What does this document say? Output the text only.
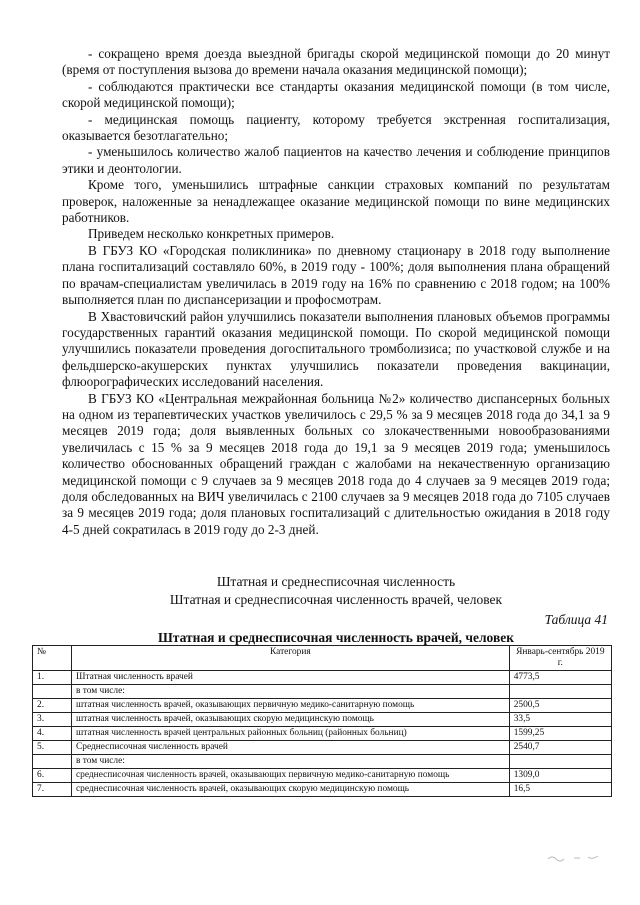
- сокращено время доезда выездной бригады скорой медицинской помощи до 20 минут (время от поступления вызова до времени начала оказания медицинской помощи);

- соблюдаются практически все стандарты оказания медицинской помощи (в том числе, скорой медицинской помощи);

- медицинская помощь пациенту, которому требуется экстренная госпитализация, оказывается безотлагательно;

- уменьшилось количество жалоб пациентов на качество лечения и соблюдение принципов этики и деонтологии.

Кроме того, уменьшились штрафные санкции страховых компаний по результатам проверок, наложенные за ненадлежащее оказание медицинской помощи по вине медицинских работников.

Приведем несколько конкретных примеров.

В ГБУЗ КО «Городская поликлиника» по дневному стационару в 2018 году выполнение плана госпитализаций составляло 60%, в 2019 году - 100%; доля выполнения плана обращений по врачам-специалистам увеличилась в 2019 году на 16% по сравнению с 2018 годом; на 100% выполняется план по диспансеризации и профосмотрам.

В Хвастовичский район улучшились показатели выполнения плановых объемов программы государственных гарантий оказания медицинской помощи. По скорой медицинской помощи улучшились показатели проведения догоспитального тромболизиса; по участковой службе и на фельдшерско-акушерских пунктах улучшились показатели проведения вакцинации, флюорографических исследований населения.

В ГБУЗ КО «Центральная межрайонная больница №2» количество диспансерных больных на одном из терапевтических участков увеличилось с 29,5 % за 9 месяцев 2018 года до 34,1 за 9 месяцев 2019 года; доля выявленных больных со злокачественными новообразованиями увеличилась с 15 % за 9 месяцев 2018 года до 19,1 за 9 месяцев 2019 года; уменьшилось количество обоснованных обращений граждан с жалобами на некачественную организацию медицинской помощи с 9 случаев за 9 месяцев 2018 года до 4 случаев за 9 месяцев 2019 года; доля обследованных на ВИЧ увеличилась с 2100 случаев за 9 месяцев 2018 года до 7105 случаев за 9 месяцев 2019 года; доля плановых госпитализаций с длительностью ожидания в 2018 году 4-5 дней сократилась в 2019 году до 2-3 дней.

Штатная и среднесписочная численность
Штатная и среднесписочная численность врачей, человек
Таблица 41
Штатная и среднесписочная численность врачей, человек
№	Категория	Январь-сентябрь 2019 г.
1.	Штатная численность врачей	4773,5
	в том числе:	
2.	штатная численность врачей, оказывающих первичную медико-санитарную помощь	2500,5
3.	штатная численность врачей, оказывающих скорую медицинскую помощь	33,5
4.	штатная численность врачей центральных районных больниц (районных больниц)	1599,25
5.	Среднесписочная численность врачей	2540,7
	в том числе:	
6.	среднесписочная численность врачей, оказывающих первичную медико-санитарную помощь	1309,0
7.	среднесписочная численность врачей, оказывающих скорую медицинскую помощь	16,5
